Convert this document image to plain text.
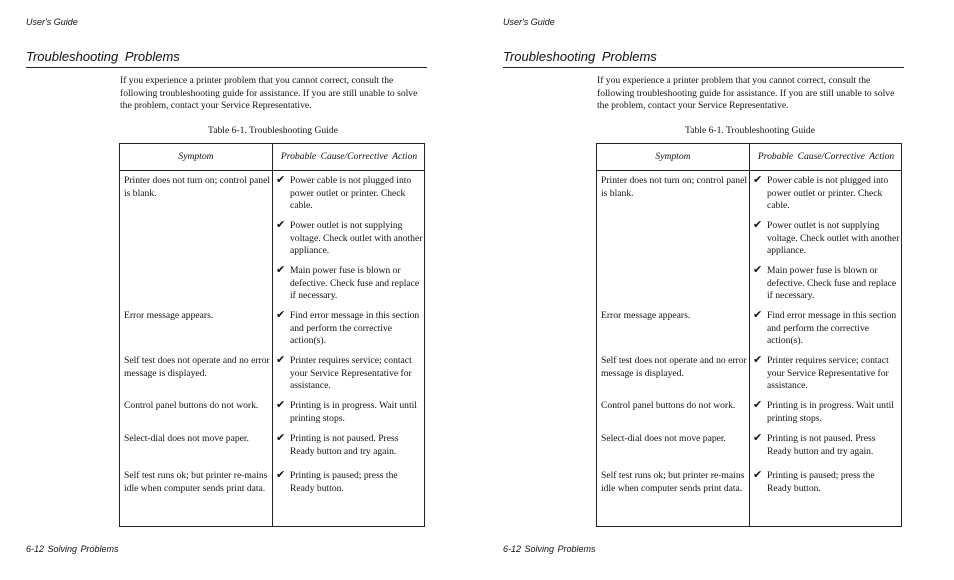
User's Guide
Troubleshooting Problems

If you experience a printer problem that you cannot correct, consult the following troubleshooting guide for assistance. If you are still unable to solve the problem, contact your Service Representative.

Table 6-1. Troubleshooting Guide
Symptom	Probable Cause/Corrective Action
Printer does not turn on; control panel is blank.
Error message appears.
Self test does not operate and no error message is displayed.
Control panel buttons do not work.
Select-dial does not move paper.
Self test runs ok; but printer re-mains idle when computer sends print data.
✔ Power cable is not plugged into power outlet or printer. Check cable.
✔ Power outlet is not supplying voltage. Check outlet with another appliance.
✔ Main power fuse is blown or defective. Check fuse and replace if necessary.
✔ Find error message in this section and perform the corrective action(s).
✔ Printer requires service; contact your Service Representative for assistance.
✔ Printing is in progress. Wait until printing stops.
✔ Printing is not paused. Press Ready button and try again.
✔ Printing is paused; press the Ready button.
6-12 Solving Problems
User's Guide
Troubleshooting Problems

If you experience a printer problem that you cannot correct, consult the following troubleshooting guide for assistance. If you are still unable to solve the problem, contact your Service Representative.

Table 6-1. Troubleshooting Guide
Symptom	Probable Cause/Corrective Action
Printer does not turn on; control panel is blank.
Error message appears.
Self test does not operate and no error message is displayed.
Control panel buttons do not work.
Select-dial does not move paper.
Self test runs ok; but printer re-mains idle when computer sends print data.
✔ Power cable is not plugged into power outlet or printer. Check cable.
✔ Power outlet is not supplying voltage. Check outlet with another appliance.
✔ Main power fuse is blown or defective. Check fuse and replace if necessary.
✔ Find error message in this section and perform the corrective action(s).
✔ Printer requires service; contact your Service Representative for assistance.
✔ Printing is in progress. Wait until printing stops.
✔ Printing is not paused. Press Ready button and try again.
✔ Printing is paused; press the Ready button.
6-12 Solving Problems
